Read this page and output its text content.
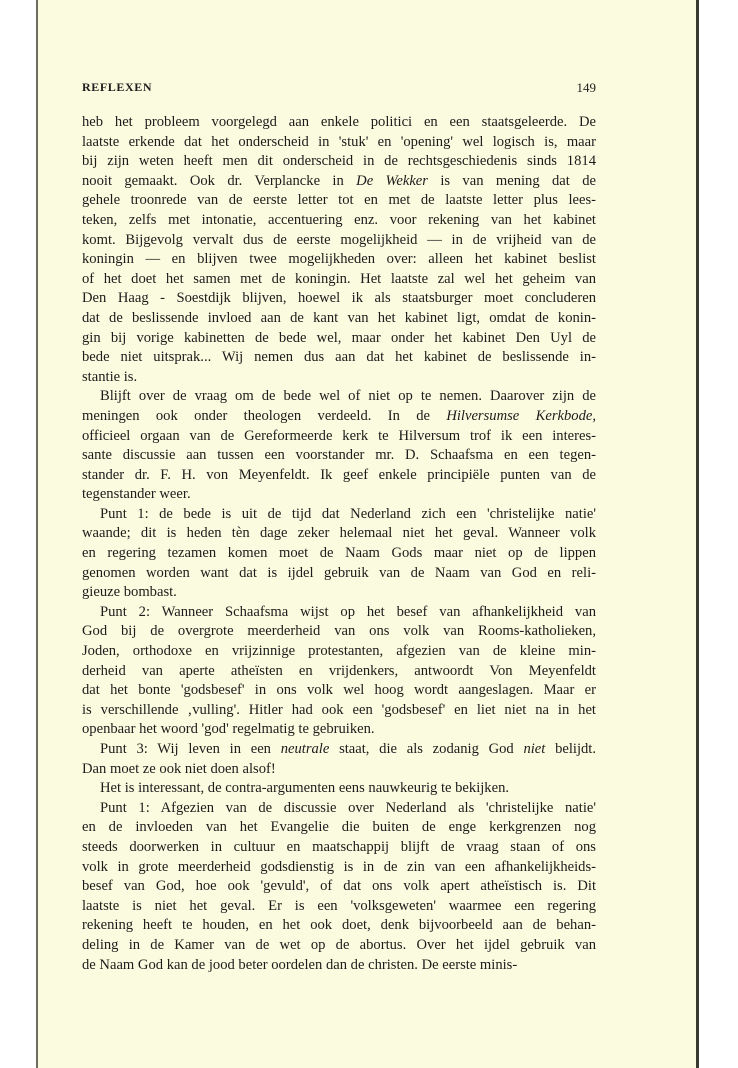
REFLEXEN	149
heb het probleem voorgelegd aan enkele politici en een staatsgeleerde. De
laatste erkende dat het onderscheid in 'stuk' en 'opening' wel logisch is, maar
bij zijn weten heeft men dit onderscheid in de rechtsgeschiedenis sinds 1814
nooit gemaakt. Ook dr. Verplancke in De Wekker is van mening dat de
gehele troonrede van de eerste letter tot en met de laatste letter plus lees-
teken, zelfs met intonatie, accentuering enz. voor rekening van het kabinet
komt. Bijgevolg vervalt dus de eerste mogelijkheid — in de vrijheid van de
koningin — en blijven twee mogelijkheden over: alleen het kabinet beslist
of het doet het samen met de koningin. Het laatste zal wel het geheim van
Den Haag - Soestdijk blijven, hoewel ik als staatsburger moet concluderen
dat de beslissende invloed aan de kant van het kabinet ligt, omdat de konin-
gin bij vorige kabinetten de bede wel, maar onder het kabinet Den Uyl de
bede niet uitsprak... Wij nemen dus aan dat het kabinet de beslissende in-
stantie is.
Blijft over de vraag om de bede wel of niet op te nemen. Daarover zijn de
meningen ook onder theologen verdeeld. In de Hilversumse Kerkbode,
officieel orgaan van de Gereformeerde kerk te Hilversum trof ik een interes-
sante discussie aan tussen een voorstander mr. D. Schaafsma en een tegen-
stander dr. F. H. von Meyenfeldt. Ik geef enkele principiële punten van de
tegenstander weer.
Punt 1: de bede is uit de tijd dat Nederland zich een 'christelijke natie'
waande; dit is heden tèn dage zeker helemaal niet het geval. Wanneer volk
en regering tezamen komen moet de Naam Gods maar niet op de lippen
genomen worden want dat is ijdel gebruik van de Naam van God en reli-
gieuze bombast.
Punt 2: Wanneer Schaafsma wijst op het besef van afhankelijkheid van
God bij de overgrote meerderheid van ons volk van Rooms-katholieken,
Joden, orthodoxe en vrijzinnige protestanten, afgezien van de kleine min-
derheid van aperte atheïsten en vrijdenkers, antwoordt Von Meyenfeldt
dat het bonte 'godsbesef' in ons volk wel hoog wordt aangeslagen. Maar er
is verschillende ‚vulling'. Hitler had ook een 'godsbesef' en liet niet na in het
openbaar het woord 'god' regelmatig te gebruiken.
Punt 3: Wij leven in een neutrale staat, die als zodanig God niet belijdt.
Dan moet ze ook niet doen alsof!
Het is interessant, de contra-argumenten eens nauwkeurig te bekijken.
Punt 1: Afgezien van de discussie over Nederland als 'christelijke natie'
en de invloeden van het Evangelie die buiten de enge kerkgrenzen nog
steeds doorwerken in cultuur en maatschappij blijft de vraag staan of ons
volk in grote meerderheid godsdienstig is in de zin van een afhankelijkheids-
besef van God, hoe ook 'gevuld', of dat ons volk apert atheïstisch is. Dit
laatste is niet het geval. Er is een 'volksgeweten' waarmee een regering
rekening heeft te houden, en het ook doet, denk bijvoorbeeld aan de behan-
deling in de Kamer van de wet op de abortus. Over het ijdel gebruik van
de Naam God kan de jood beter oordelen dan de christen. De eerste minis-
